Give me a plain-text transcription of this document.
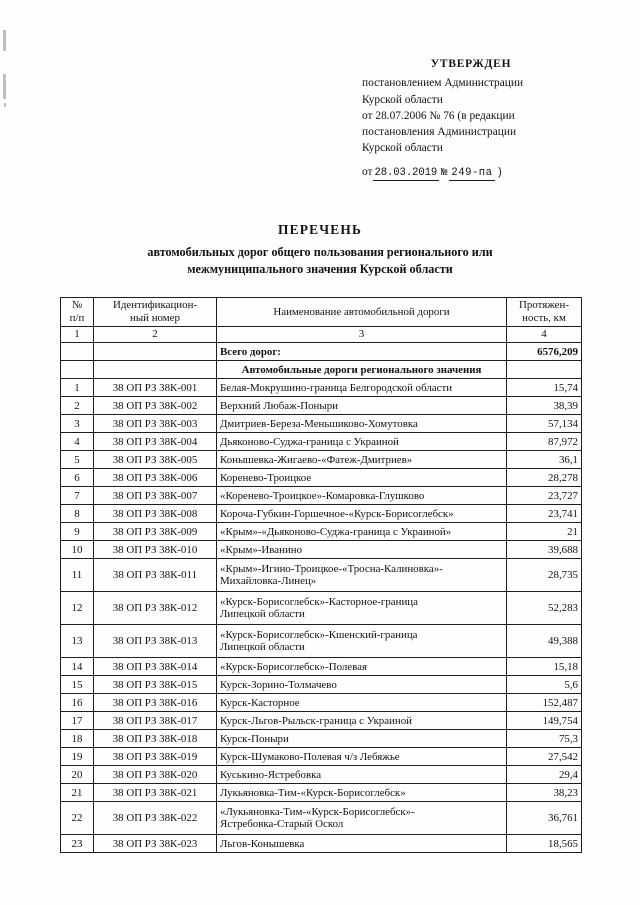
УТВЕРЖДЕН
постановлением Администрации
Курской области
от 28.07.2006 № 76 (в редакции
постановления Администрации
Курской области
от 28.03.2019 № 249-па )
ПЕРЕЧЕНЬ
автомобильных дорог общего пользования регионального или
межмуниципального значения Курской области
№
п/п	Идентификацион-
ный номер	Наименование автомобильной дороги	Протяжен-
ность, км
1	2	3	4
		Всего дорог:	6576,209
		Автомобильные дороги регионального значения	
1	38 ОП РЗ 38К-001	Белая-Мокрушино-граница Белгородской области	15,74
2	38 ОП РЗ 38К-002	Верхний Любаж-Поныри	38,39
3	38 ОП РЗ 38К-003	Дмитриев-Береза-Меньшиково-Хомутовка	57,134
4	38 ОП РЗ 38К-004	Дьяконово-Суджа-граница с Украиной	87,972
5	38 ОП РЗ 38К-005	Конышевка-Жигаево-«Фатеж-Дмитриев»	36,1
6	38 ОП РЗ 38К-006	Коренево-Троицкое	28,278
7	38 ОП РЗ 38К-007	«Коренево-Троицкое»-Комаровка-Глушково	23,727
8	38 ОП РЗ 38К-008	Короча-Губкин-Горшечное-«Курск-Борисоглебск»	23,741
9	38 ОП РЗ 38К-009	«Крым»-«Дьяконово-Суджа-граница с Украиной»	21
10	38 ОП РЗ 38К-010	«Крым»-Иванино	39,688
11	38 ОП РЗ 38К-011	«Крым»-Игино-Троицкое-«Тросна-Калиновка»-
Михайловка-Линец»	28,735
12	38 ОП РЗ 38К-012	«Курск-Борисоглебск»-Касторное-граница
Липецкой области	52,283
13	38 ОП РЗ 38К-013	«Курск-Борисоглебск»-Кшенский-граница
Липецкой области	49,388
14	38 ОП РЗ 38К-014	«Курск-Борисоглебск»-Полевая	15,18
15	38 ОП РЗ 38К-015	Курск-Зорино-Толмачево	5,6
16	38 ОП РЗ 38К-016	Курск-Касторное	152,487
17	38 ОП РЗ 38К-017	Курск-Льгов-Рыльск-граница с Украиной	149,754
18	38 ОП РЗ 38К-018	Курск-Поныри	75,3
19	38 ОП РЗ 38К-019	Курск-Шумаково-Полевая ч/з Лебяжье	27,542
20	38 ОП РЗ 38К-020	Куськино-Ястребовка	29,4
21	38 ОП РЗ 38К-021	Лукьяновка-Тим-«Курск-Борисоглебск»	38,23
22	38 ОП РЗ 38К-022	«Лукьяновка-Тим-«Курск-Борисоглебск»-
Ястребовка-Старый Оскол	36,761
23	38 ОП РЗ 38К-023	Льгов-Конышевка	18,565
